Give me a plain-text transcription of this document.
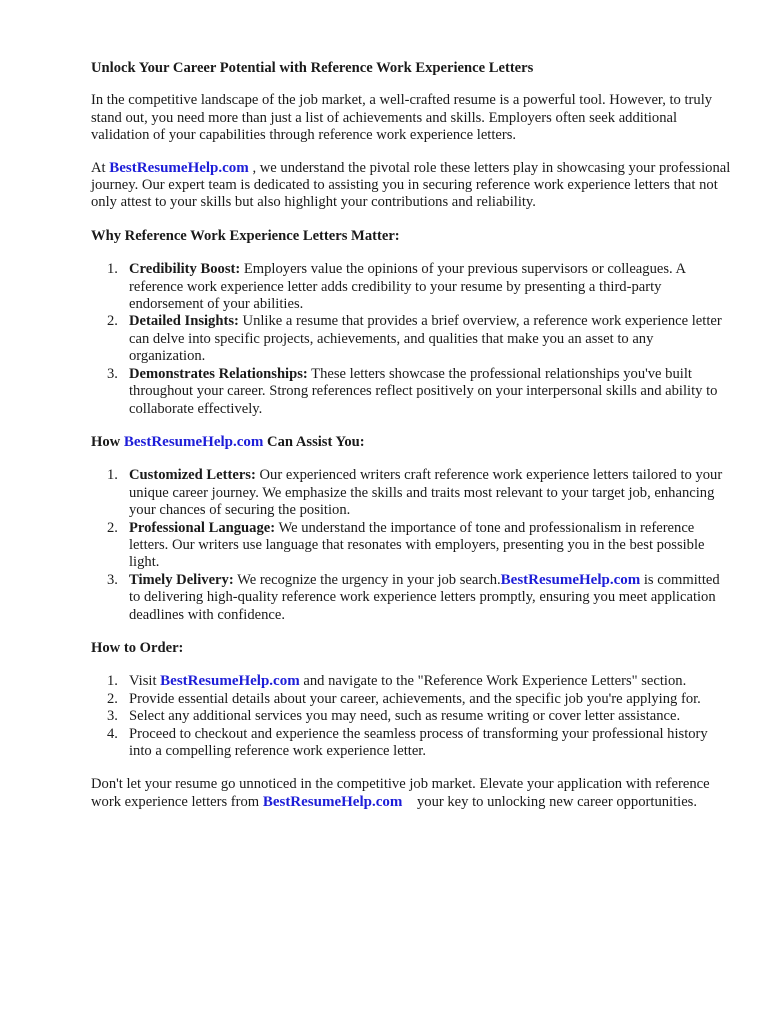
Unlock Your Career Potential with Reference Work Experience Letters

In the competitive landscape of the job market, a well-crafted resume is a powerful tool. However, to truly stand out, you need more than just a list of achievements and skills. Employers often seek additional validation of your capabilities through reference work experience letters.

At BestResumeHelp.com , we understand the pivotal role these letters play in showcasing your professional journey. Our expert team is dedicated to assisting you in securing reference work experience letters that not only attest to your skills but also highlight your contributions and reliability.

Why Reference Work Experience Letters Matter:
Credibility Boost: Employers value the opinions of your previous supervisors or colleagues. A reference work experience letter adds credibility to your resume by presenting a third-party endorsement of your abilities.
Detailed Insights: Unlike a resume that provides a brief overview, a reference work experience letter can delve into specific projects, achievements, and qualities that make you an asset to any organization.
Demonstrates Relationships: These letters showcase the professional relationships you've built throughout your career. Strong references reflect positively on your interpersonal skills and ability to collaborate effectively.
How BestResumeHelp.com Can Assist You:
Customized Letters: Our experienced writers craft reference work experience letters tailored to your unique career journey. We emphasize the skills and traits most relevant to your target job, enhancing your chances of securing the position.
Professional Language: We understand the importance of tone and professionalism in reference letters. Our writers use language that resonates with employers, presenting you in the best possible light.
Timely Delivery: We recognize the urgency in your job search.BestResumeHelp.com is committed to delivering high-quality reference work experience letters promptly, ensuring you meet application deadlines with confidence.
How to Order:
Visit BestResumeHelp.com and navigate to the "Reference Work Experience Letters" section.
Provide essential details about your career, achievements, and the specific job you're applying for.
Select any additional services you may need, such as resume writing or cover letter assistance.
Proceed to checkout and experience the seamless process of transforming your professional history into a compelling reference work experience letter.

Don't let your resume go unnoticed in the competitive job market. Elevate your application with reference work experience letters from BestResumeHelp.com    your key to unlocking new career opportunities.
